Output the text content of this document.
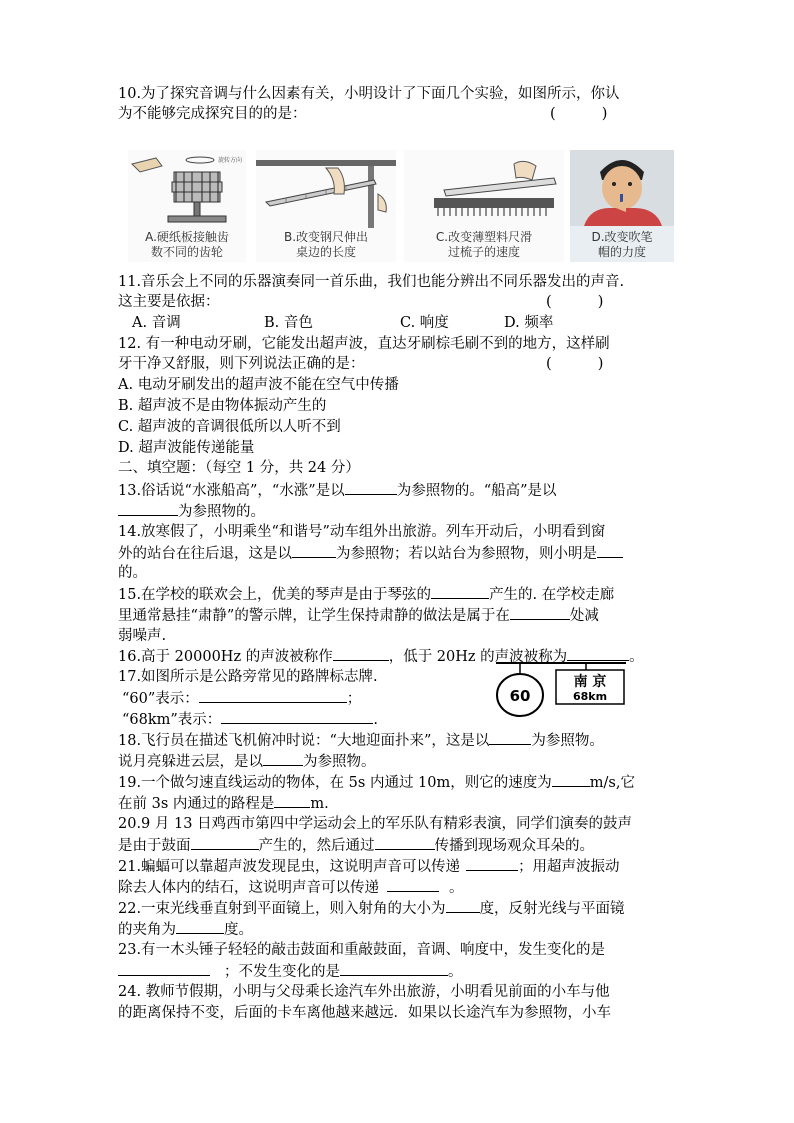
10.为了探究音调与什么因素有关，小明设计了下面几个实验，如图所示，你认
为不能够完成探究目的的是：	(          )
旋转方向
A.硬纸板接触齿
数不同的齿轮
B.改变钢尺伸出
桌边的长度
C.改变薄塑料尺滑
过梳子的速度
D.改变吹笔
帽的力度
11.音乐会上不同的乐器演奏同一首乐曲，我们也能分辨出不同乐器发出的声音.
这主要是依据：	(          )
A. 音调	B. 音色	C. 响度	D. 频率
12. 有一种电动牙刷，它能发出超声波，直达牙刷棕毛刷不到的地方，这样刷
牙干净又舒服，则下列说法正确的是：	(          )
A. 电动牙刷发出的超声波不能在空气中传播
B. 超声波不是由物体振动产生的
C. 超声波的音调很低所以人听不到
D. 超声波能传递能量
二、填空题：（每空 1 分，共 24 分）
13.俗话说“水涨船高”，“水涨”是以	为参照物的。“船高”是以
为参照物的。
14.放寒假了，小明乘坐“和谐号”动车组外出旅游。列车开动后，小明看到窗
外的站台在往后退，这是以	为参照物；若以站台为参照物，则小明是
的。
15.在学校的联欢会上，优美的琴声是由于琴弦的	产生的. 在学校走廊
里通常悬挂“肃静”的警示牌，让学生保持肃静的做法是属于在	处减
弱噪声.
16.高于 20000Hz 的声波被称作	，低于 20Hz 的声波被称为	。
17.如图所示是公路旁常见的路牌标志牌.
“60”表示：	；
“68km”表示：	.
60
南 京
68km
18.飞行员在描述飞机俯冲时说：“大地迎面扑来”，这是以	为参照物。
说月亮躲进云层，是以	为参照物。
19.一个做匀速直线运动的物体，在 5s 内通过 10m，则它的速度为	m/s,它
在前 3s 内通过的路程是 m.
20.9 月 13 日鸡西市第四中学运动会上的军乐队有精彩表演，同学们演奏的鼓声
是由于鼓面	产生的，然后通过	传播到现场观众耳朵的。
21.蝙蝠可以靠超声波发现昆虫，这说明声音可以传递	；用超声波振动
除去人体内的结石，这说明声音可以传递	。
22.一束光线垂直射到平面镜上，则入射角的大小为 度，反射光线与平面镜
的夹角为	度。
23.有一木头锤子轻轻的敲击鼓面和重敲鼓面，音调、响度中，发生变化的是
；不发生变化的是	。
24. 教师节假期，小明与父母乘长途汽车外出旅游，小明看见前面的小车与他
的距离保持不变，后面的卡车离他越来越远．如果以长途汽车为参照物，小车
